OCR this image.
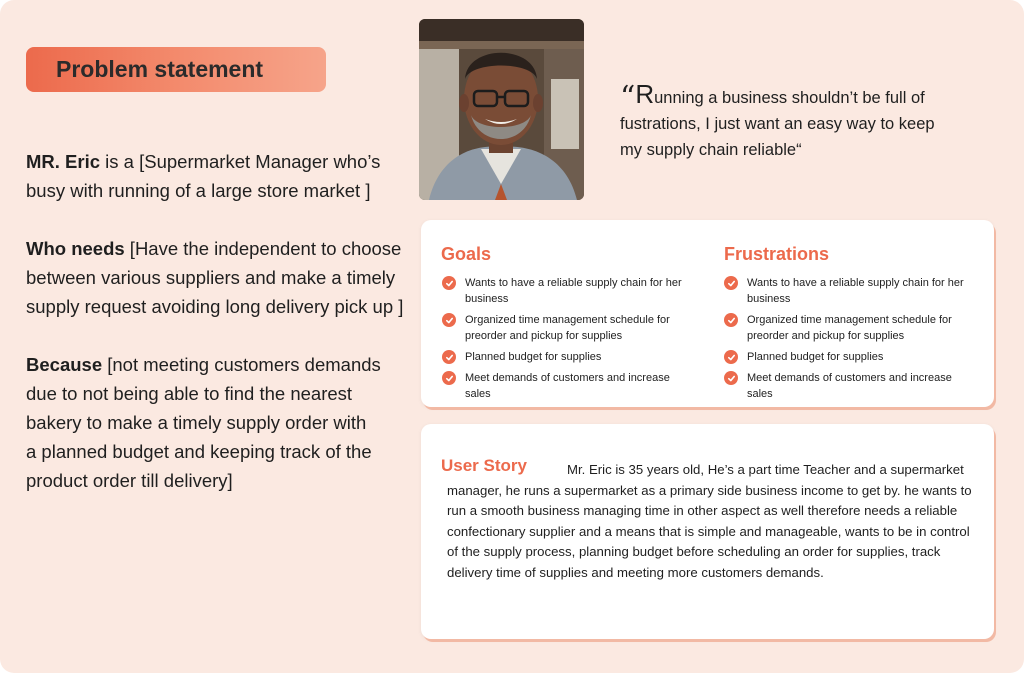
Problem statement
MR. Eric is a [Supermarket Manager who’s busy with running of a large store market ]
Who needs [Have the independent to choose between various suppliers and make a timely supply request avoiding long delivery pick up ]
Because [not meeting customers demands due to not being able to find the nearest bakery to make a timely supply order with
a planned budget and keeping track of the product order till delivery]
“Running a business shouldn’t be full of fustrations, I just want an easy way to keep my supply chain reliable“
Goals
Wants to have a reliable supply chain for her business
Organized time management schedule for preorder and pickup for supplies
Planned budget for supplies
Meet demands of customers and increase sales
Frustrations
Wants to have a reliable supply chain for her business
Organized time management schedule for preorder and pickup for supplies
Planned budget for supplies
Meet demands of customers and increase sales
User Story	Mr. Eric is 35 years old, He’s a part time Teacher and a supermarket manager, he runs a supermarket as a primary side business income to get by. he wants to run a smooth business managing time in other aspect as well therefore needs a reliable confectionary supplier and a means that is simple and manageable, wants to be in control of the supply process, planning budget before scheduling an order for supplies, track delivery time of supplies and meeting more customers demands.
